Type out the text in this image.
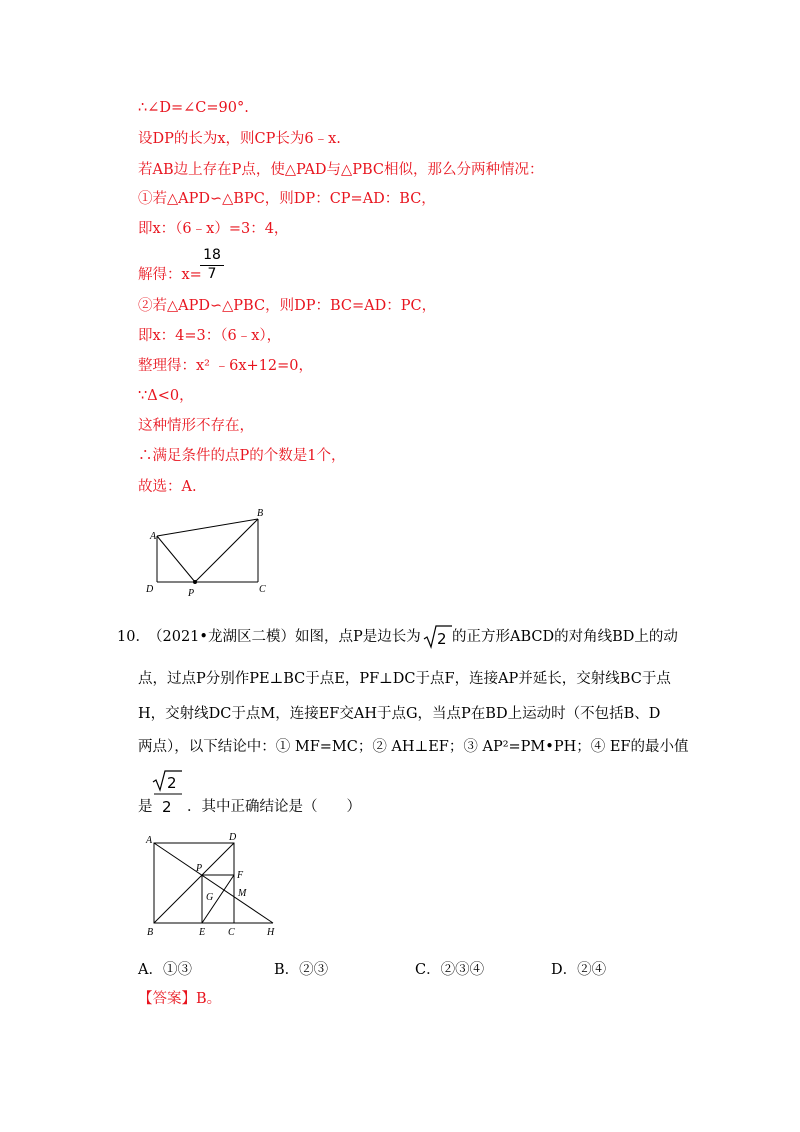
∴∠D=∠C=90°.
设DP的长为x，则CP长为6﹣x.
若AB边上存在P点，使△PAD与△PBC相似，那么分两种情况：
①若△APD∽△BPC，则DP：CP=AD：BC，
即x：（6﹣x）=3：4，
解得：x=
18
7
②若△APD∽△PBC，则DP：BC=AD：PC，
即x：4=3：（6﹣x），
整理得：x² ﹣6x+12=0，
∵Δ<0，
这种情形不存在，
∴满足条件的点P的个数是1个，
故选：A.
A
B
D	P	C
10．
（2021•龙湖区二模）如图，点P是边长为 2 的正方形ABCD的对角线BD上的动
点，过点P分别作PE⊥BC于点E，PF⊥DC于点F，连接AP并延长，交射线BC于点
H，交射线DC于点M，连接EF交AH于点G，当点P在BD上运动时（不包括B、D
两点），以下结论中：① MF=MC；② AH⊥EF；③ AP²=PM•PH；④ EF的最小值
2
2
是 ．其中正确结论是（　　）
A	D
P
F
G M
B	E C	H
A．①③	B．②③	C．②③④	D．②④
【答案】B。
